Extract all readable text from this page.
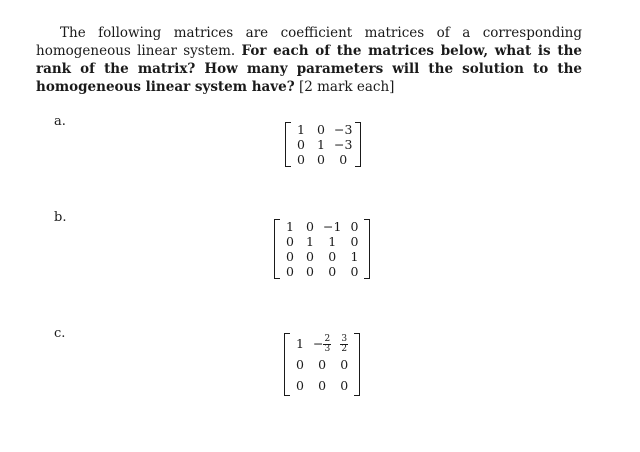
The following matrices are coefficient matrices of a corresponding homogeneous linear system. For each of the matrices below, what is the rank of the matrix? How many parameters will the solution to the homogeneous linear system have? [2 mark each]
a.
1	0	−3
0	1	−3
0	0	0
b.
1	0	−1	0
0	1	1	0
0	0	0	1
0	0	0	0
c.
1	− $\frac{2}{3}$	$\frac{3}{2}$

0	0	0
0	0	0
